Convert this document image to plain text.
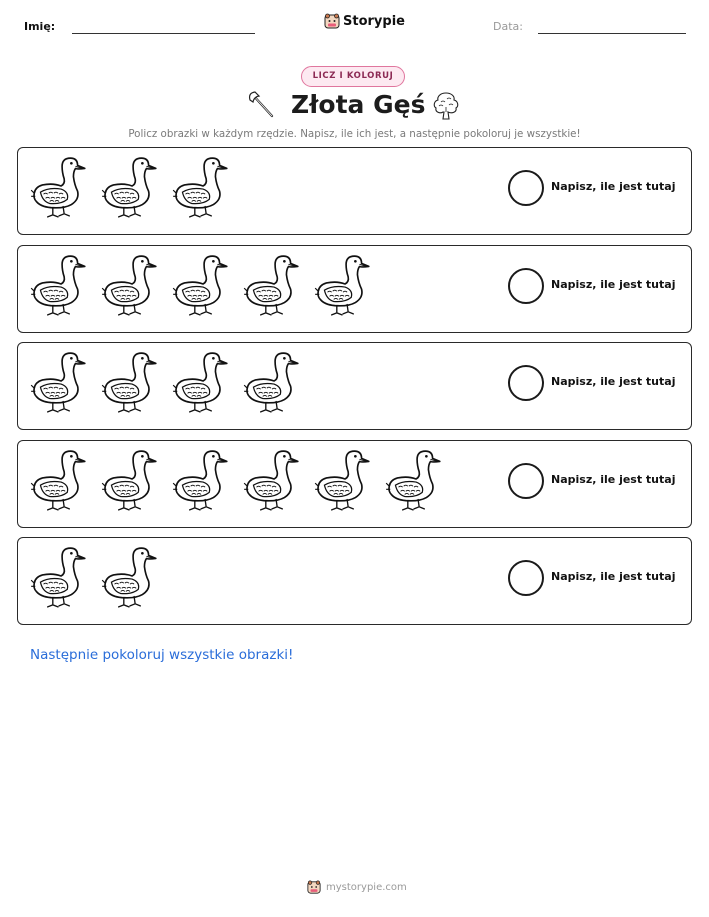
Imię:	Storypie	Data:
LICZ I KOLORUJ
Złota Gęś
Policz obrazki w każdym rzędzie. Napisz, ile ich jest, a następnie pokoloruj je wszystkie!
Napisz, ile jest tutaj
Napisz, ile jest tutaj
Napisz, ile jest tutaj
Napisz, ile jest tutaj
Napisz, ile jest tutaj
Następnie pokoloruj wszystkie obrazki!
mystorypie.com
